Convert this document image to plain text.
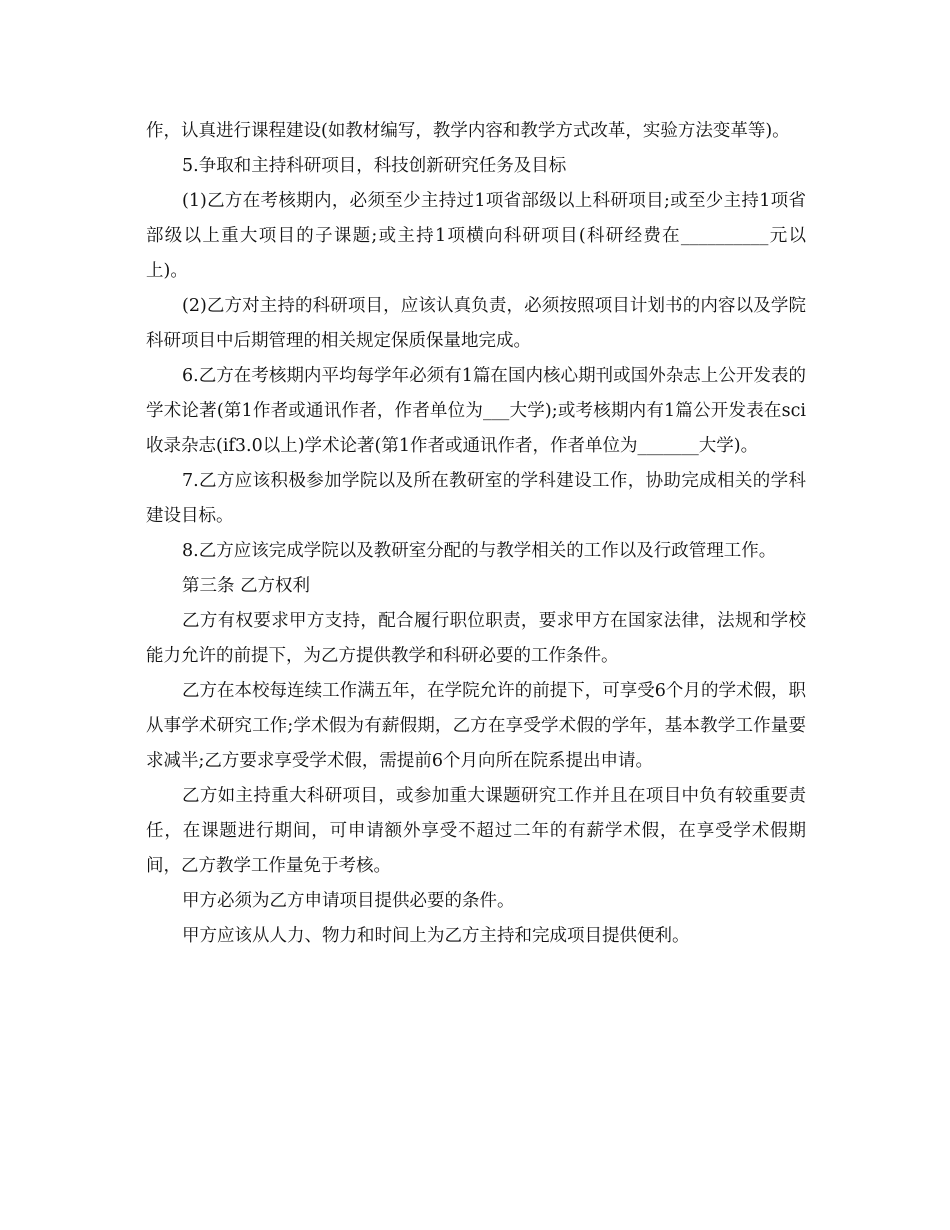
作，认真进行课程建设(如教材编写，教学内容和教学方式改革，实验方法变革等)。

5.争取和主持科研项目，科技创新研究任务及目标

(1)乙方在考核期内，必须至少主持过1项省部级以上科研项目;或至少主持1项省部级以上重大项目的子课题;或主持1项横向科研项目(科研经费在__________元以上)。

(2)乙方对主持的科研项目，应该认真负责，必须按照项目计划书的内容以及学院科研项目中后期管理的相关规定保质保量地完成。

6.乙方在考核期内平均每学年必须有1篇在国内核心期刊或国外杂志上公开发表的学术论著(第1作者或通讯作者，作者单位为___大学);或考核期内有1篇公开发表在sci收录杂志(if3.0以上)学术论著(第1作者或通讯作者，作者单位为_______大学)。

7.乙方应该积极参加学院以及所在教研室的学科建设工作，协助完成相关的学科建设目标。

8.乙方应该完成学院以及教研室分配的与教学相关的工作以及行政管理工作。

第三条 乙方权利

乙方有权要求甲方支持，配合履行职位职责，要求甲方在国家法律，法规和学校能力允许的前提下，为乙方提供教学和科研必要的工作条件。

乙方在本校每连续工作满五年，在学院允许的前提下，可享受6个月的学术假，职从事学术研究工作;学术假为有薪假期，乙方在享受学术假的学年，基本教学工作量要求减半;乙方要求享受学术假，需提前6个月向所在院系提出申请。

乙方如主持重大科研项目，或参加重大课题研究工作并且在项目中负有较重要责任，在课题进行期间，可申请额外享受不超过二年的有薪学术假，在享受学术假期间，乙方教学工作量免于考核。

甲方必须为乙方申请项目提供必要的条件。

甲方应该从人力、物力和时间上为乙方主持和完成项目提供便利。
